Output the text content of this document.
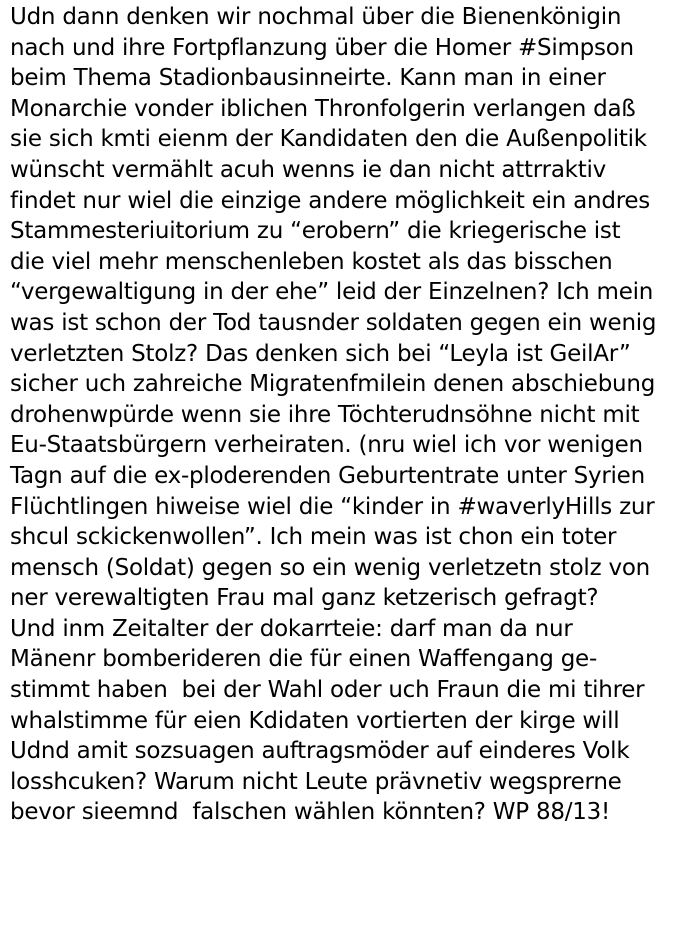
Udn dann denken wir nochmal über die Bienenkönigin
nach und ihre Fortpflanzung über die Homer #Simpson
beim Thema Stadionbausinneirte. Kann man in einer
Monarchie vonder iblichen Thronfolgerin verlangen daß
sie sich kmti eienm der Kandidaten den die Außenpolitik
wünscht vermählt acuh wenns ie dan nicht attrraktiv
findet nur wiel die einzige andere möglichkeit ein andres
Stammesteriuitorium zu “erobern” die kriegerische ist
die viel mehr menschenleben kostet als das bisschen
“vergewaltigung in der ehe” leid der Einzelnen? Ich mein
was ist schon der Tod tausnder soldaten gegen ein wenig
verletzten Stolz? Das denken sich bei “Leyla ist GeilAr”
sicher uch zahreiche Migratenfmilein denen abschiebung
drohenwpürde wenn sie ihre Töchterudnsöhne nicht mit
Eu-Staatsbürgern verheiraten. (nru wiel ich vor wenigen
Tagn auf die ex-ploderenden Geburtentrate unter Syrien
Flüchtlingen hiweise wiel die “kinder in #waverlyHills zur
shcul sckickenwollen”. Ich mein was ist chon ein toter
mensch (Soldat) gegen so ein wenig verletzetn stolz von
ner verewaltigten Frau mal ganz ketzerisch gefragt?
Und inm Zeitalter der dokarrteie: darf man da nur
Mänenr bomberideren die für einen Waffengang ge-
stimmt haben  bei der Wahl oder uch Fraun die mi tihrer
whalstimme für eien Kdidaten vortierten der kirge will
Udnd amit sozsuagen auftragsmöder auf einderes Volk
losshcuken? Warum nicht Leute prävnetiv wegsprerne
bevor sieemnd  falschen wählen könnten? WP 88/13!
